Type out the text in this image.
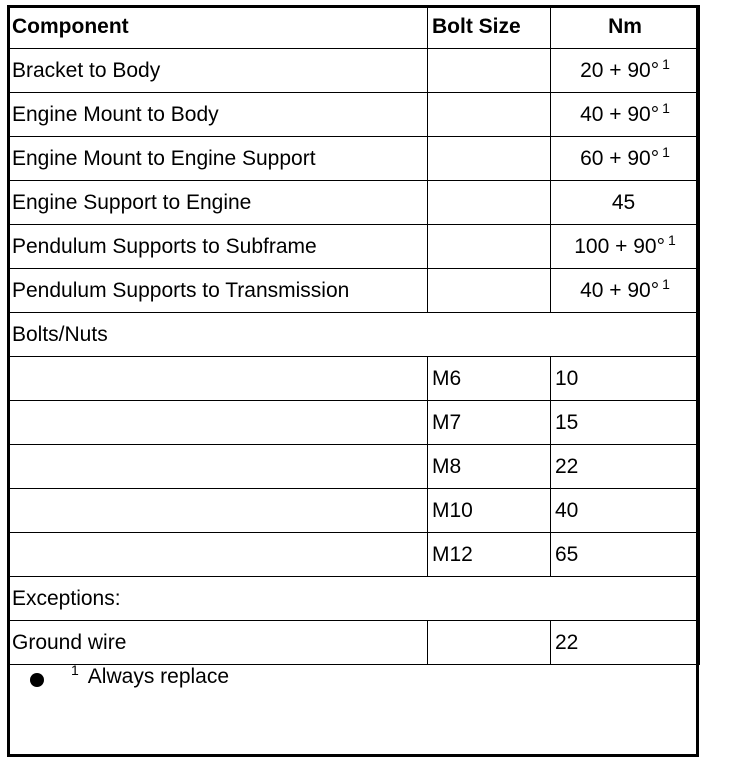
Component	Bolt Size	Nm
Bracket to Body		20 + 90° $^1$
Engine Mount to Body		40 + 90° $^1$
Engine Mount to Engine Support		60 + 90° $^1$
Engine Support to Engine		45
Pendulum Supports to Subframe		100 + 90° $^1$
Pendulum Supports to Transmission		40 + 90° $^1$
Bolts/Nuts		
	M6	10
	M7	15
	M8	22
	M10	40
	M12	65
Exceptions:		
Ground wire		22
$^1$ Always replace
